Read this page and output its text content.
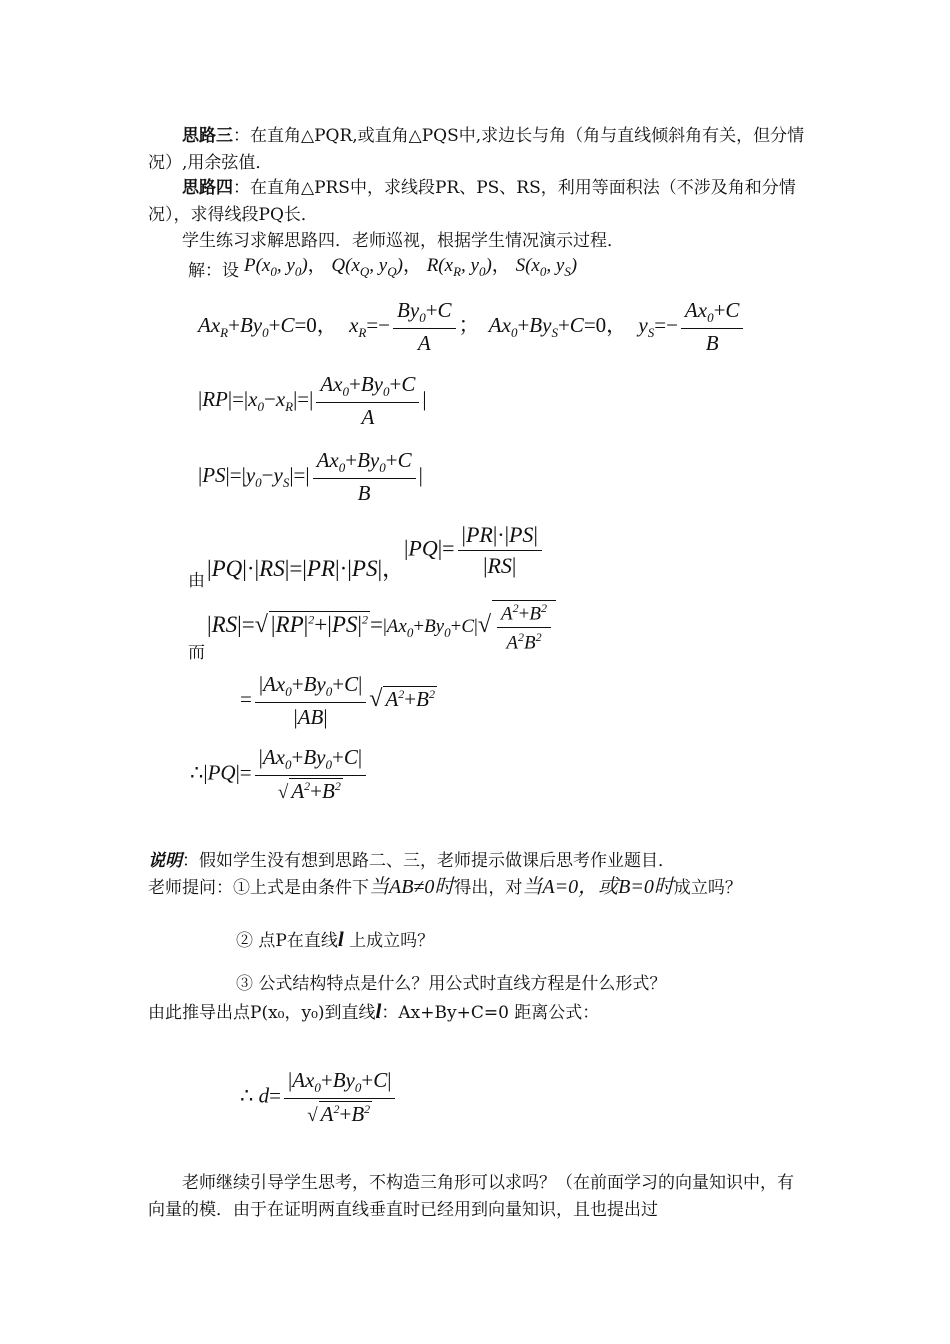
思路三：在直角△PQR,或直角△PQS中,求边长与角（角与直线倾斜角有关，但分情况）,用余弦值．
思路四：在直角△PRS中，求线段PR、PS、RS，利用等面积法（不涉及角和分情况），求得线段PQ长．
学生练习求解思路四．老师巡视，根据学生情况演示过程．
解：设 $P(x_0$, $y_0$)， $Q(x_Q$, $y_Q$)， $R(x_R$, $y_0$)， $S(x_0$, $y_S$)
$Ax_R+By_0+C=0$， $x_R=- \frac{By_0+C}{A}$ ； $Ax_0+By_S+C=0$， $y_S=- \frac{Ax_0+C}{B}$
$|RP|=|x_0-x_R|=| \frac{Ax_0+By_0+C}{A}$ |
$|PS|=|y_0-y_S|=| \frac{Ax_0+By_0+C}{B}$ |
由 |PQ|·|RS|=|PR|·|PS|，
$|PQ|= \frac{|PR|\cdot|PS|}{|RS|}$
而
|RS|=√ $|RP|^2+|PS|^2=|Ax_0+By_0+C|√ \frac{A^2+B^2}{A^2B^2}$
= $\frac{|Ax_0+By_0+C|}{|AB|}$ √ $A^2+B^2$
∴|PQ|= $\frac{|Ax_0+By_0+C|}{√ A^2+B^2}$
说明：假如学生没有想到思路二、三，老师提示做课后思考作业题目．
老师提问：①上式是由条件下当AB≠0时得出，对当A=0，或B=0时成立吗？
② 点P在直线l 上成立吗？
③ 公式结构特点是什么？用公式时直线方程是什么形式？
由此推导出点P(x₀，y₀)到直线l：Ax+By+C=0 距离公式：
∴ $d= \frac{|Ax_0+By_0+C|}{√ A^2+B^2}$
老师继续引导学生思考，不构造三角形可以求吗？（在前面学习的向量知识中，有向量的模．由于在证明两直线垂直时已经用到向量知识，且也提出过
